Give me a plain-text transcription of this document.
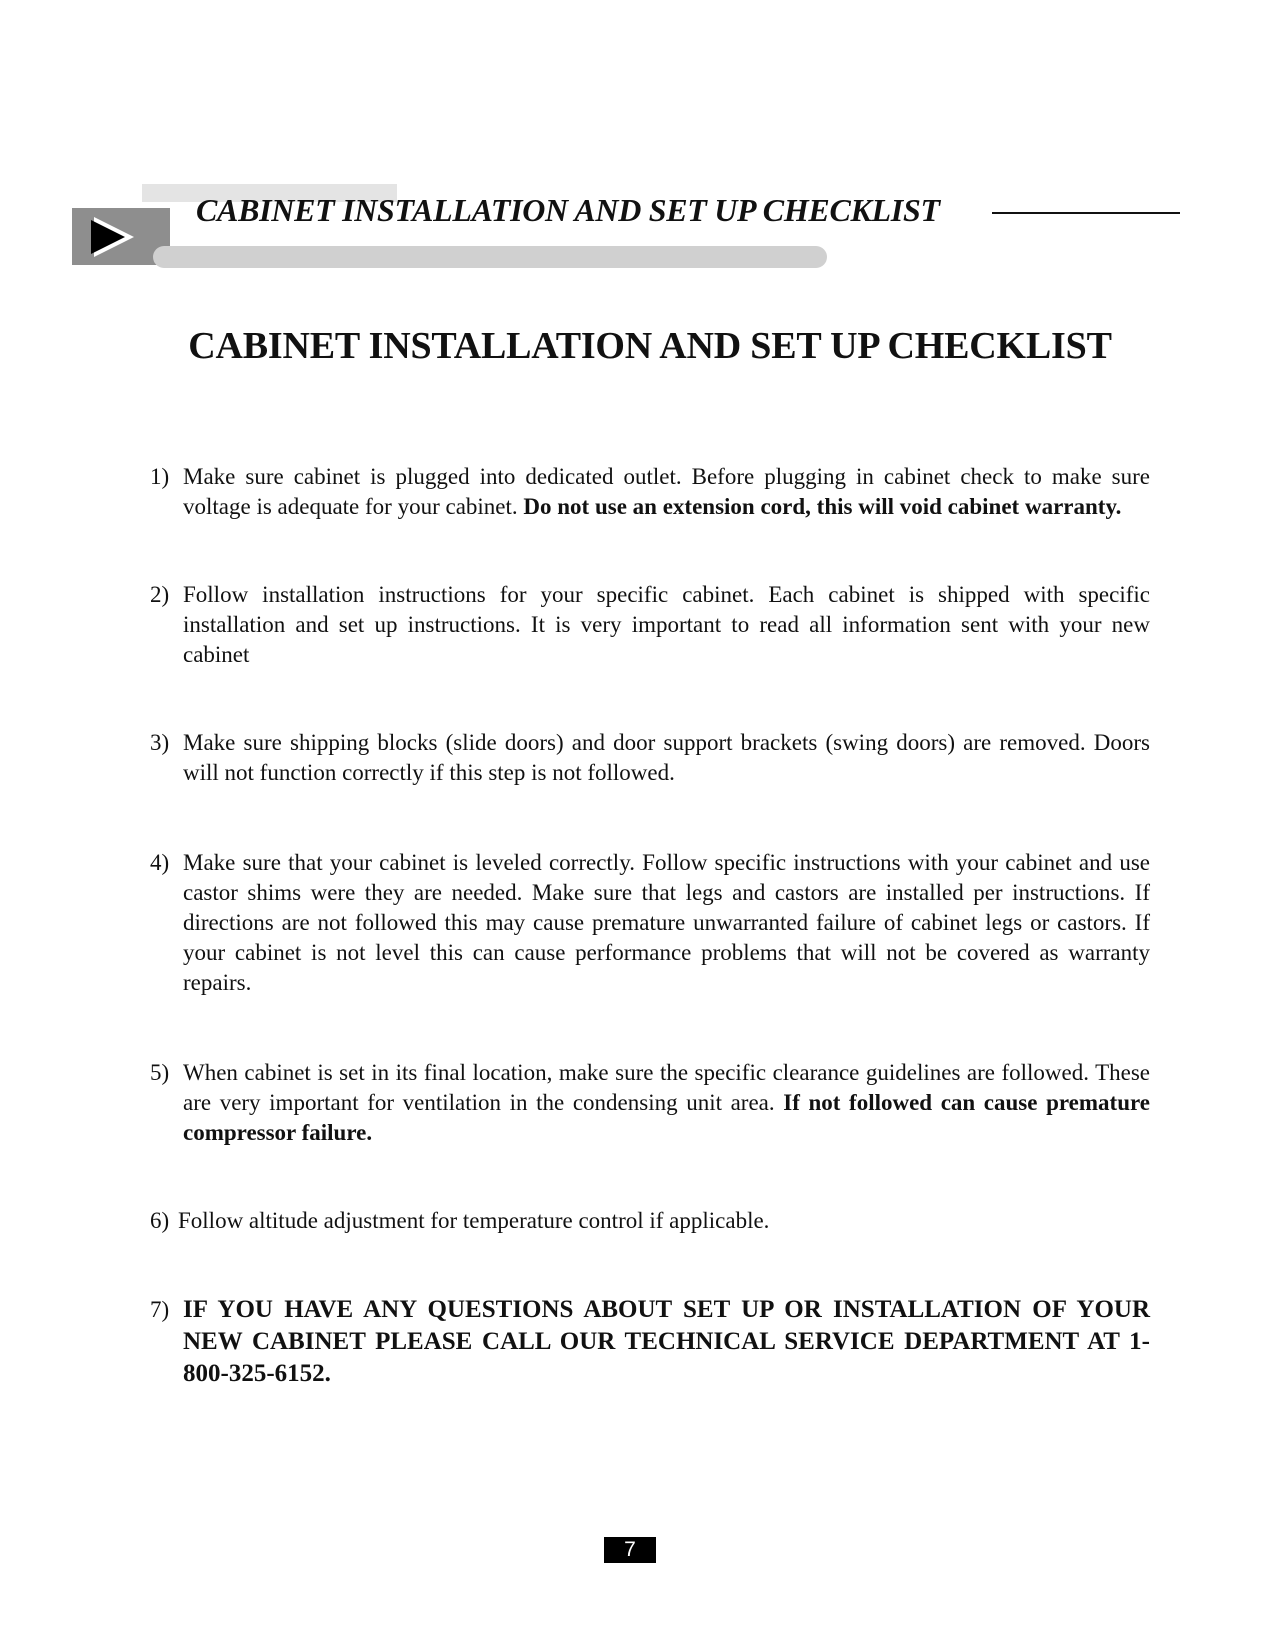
CABINET INSTALLATION AND SET UP CHECKLIST
CABINET INSTALLATION AND SET UP CHECKLIST
1) Make sure cabinet is plugged into dedicated outlet. Before plugging in cabinet check to make sure voltage is adequate for your cabinet. Do not use an extension cord, this will void cabinet warranty.
2) Follow installation instructions for your specific cabinet. Each cabinet is shipped with specific installation and set up instructions. It is very important to read all information sent with your new cabinet
3) Make sure shipping blocks (slide doors) and door support brackets (swing doors) are removed. Doors will not function correctly if this step is not followed.
4) Make sure that your cabinet is leveled correctly. Follow specific instructions with your cabinet and use castor shims were they are needed. Make sure that legs and castors are installed per instructions. If directions are not followed this may cause premature unwarranted failure of cabinet legs or castors. If your cabinet is not level this can cause performance problems that will not be covered as warranty repairs.
5) When cabinet is set in its final location, make sure the specific clearance guidelines are followed. These are very important for ventilation in the condensing unit area. If not followed can cause premature compressor failure.
6) Follow altitude adjustment for temperature control if applicable.
7) IF YOU HAVE ANY QUESTIONS ABOUT SET UP OR INSTALLATION OF YOUR NEW CABINET PLEASE CALL OUR TECHNICAL SERVICE DEPARTMENT AT 1-800-325-6152.
7
